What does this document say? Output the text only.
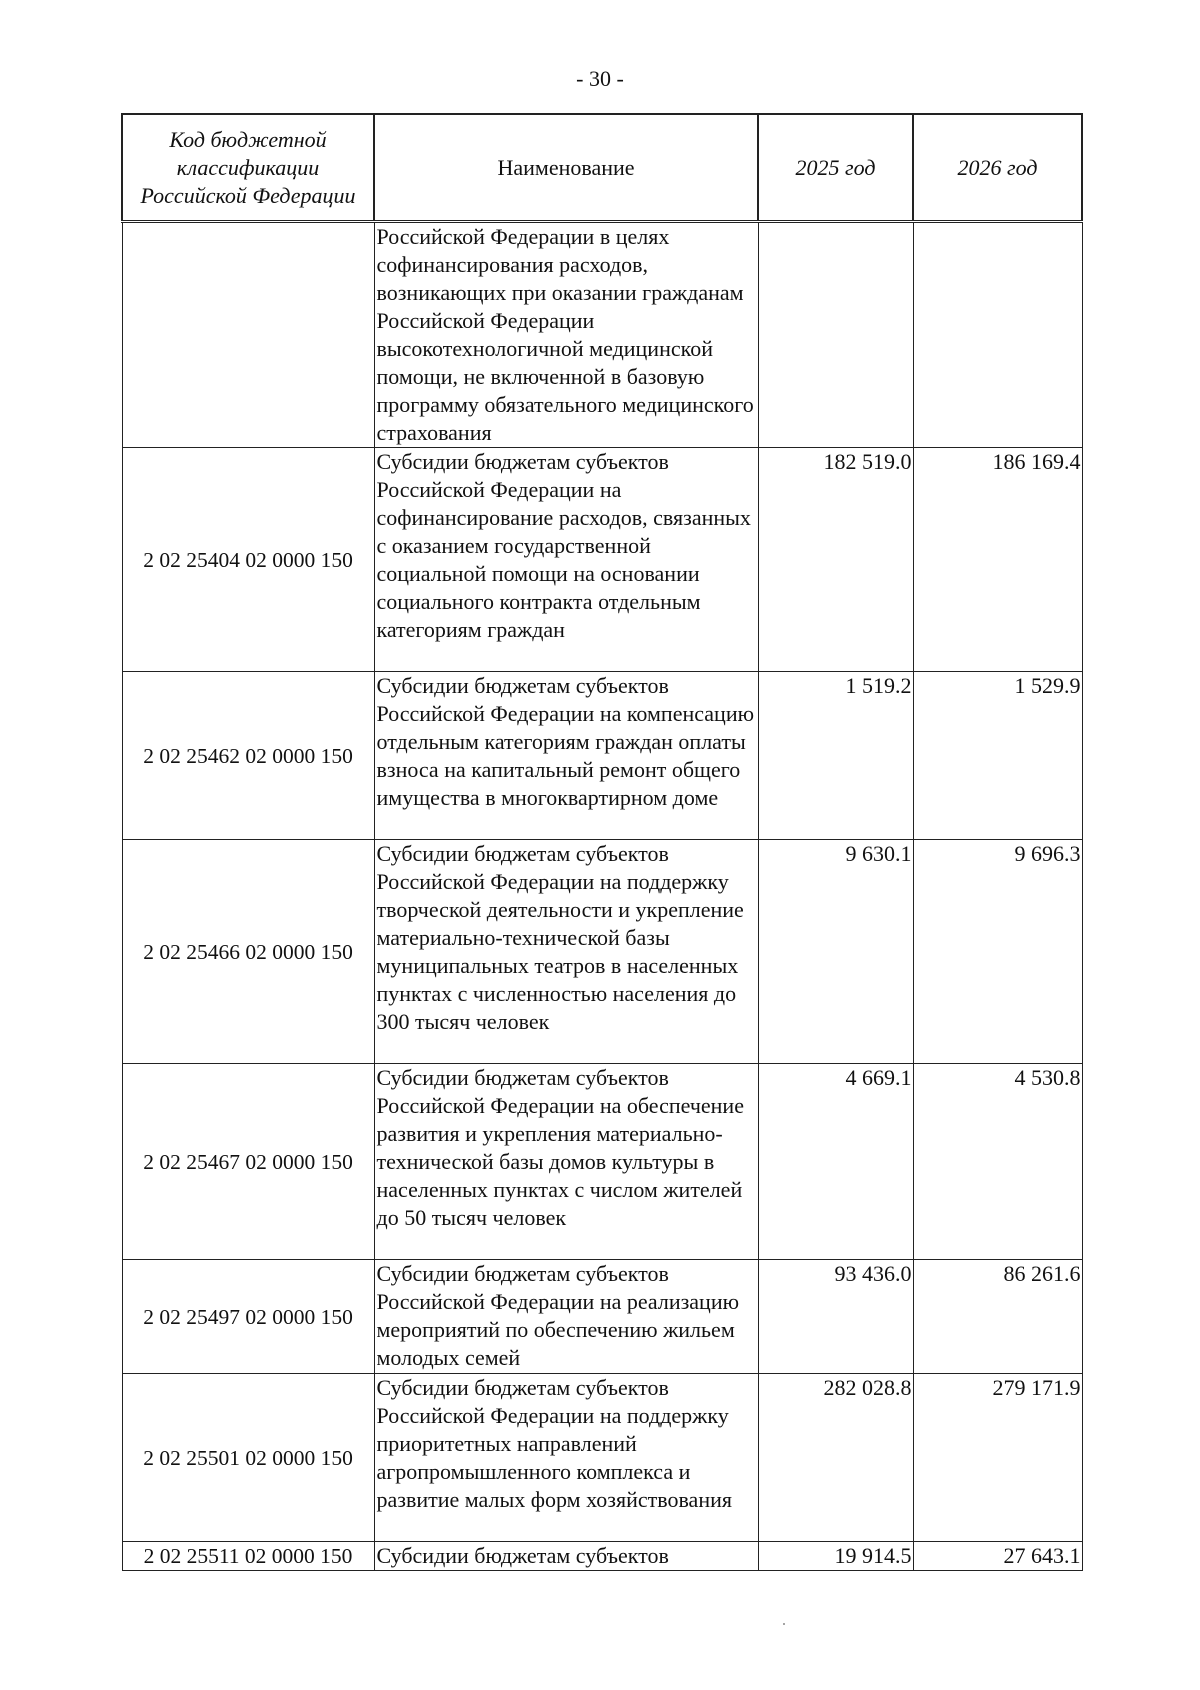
- 30 -
Код бюджетной классификации Российской Федерации	Наименование	2025 год	2026 год
	Российской Федерации в целях софинансирования расходов, возникающих при оказании гражданам Российской Федерации высокотехнологичной медицинской помощи, не включенной в базовую программу обязательного медицинского страхования		
2 02 25404 02 0000 150	Субсидии бюджетам субъектов Российской Федерации на софинансирование расходов, связанных с оказанием государственной социальной помощи на основании социального контракта отдельным категориям граждан	182 519.0	186 169.4
2 02 25462 02 0000 150	Субсидии бюджетам субъектов Российской Федерации на компенсацию отдельным категориям граждан оплаты взноса на капитальный ремонт общего имущества в многоквартирном доме	1 519.2	1 529.9
2 02 25466 02 0000 150	Субсидии бюджетам субъектов Российской Федерации на поддержку творческой деятельности и укрепление материально-технической базы муниципальных театров в населенных пунктах с численностью населения до 300 тысяч человек	9 630.1	9 696.3
2 02 25467 02 0000 150	Субсидии бюджетам субъектов Российской Федерации на обеспечение развития и укрепления материально-технической базы домов культуры в населенных пунктах с числом жителей до 50 тысяч человек	4 669.1	4 530.8
2 02 25497 02 0000 150	Субсидии бюджетам субъектов Российской Федерации на реализацию мероприятий по обеспечению жильем молодых семей	93 436.0	86 261.6
2 02 25501 02 0000 150	Субсидии бюджетам субъектов Российской Федерации на поддержку приоритетных направлений агропромышленного комплекса и развитие малых форм хозяйствования	282 028.8	279 171.9
2 02 25511 02 0000 150	Субсидии бюджетам субъектов	19 914.5	27 643.1
